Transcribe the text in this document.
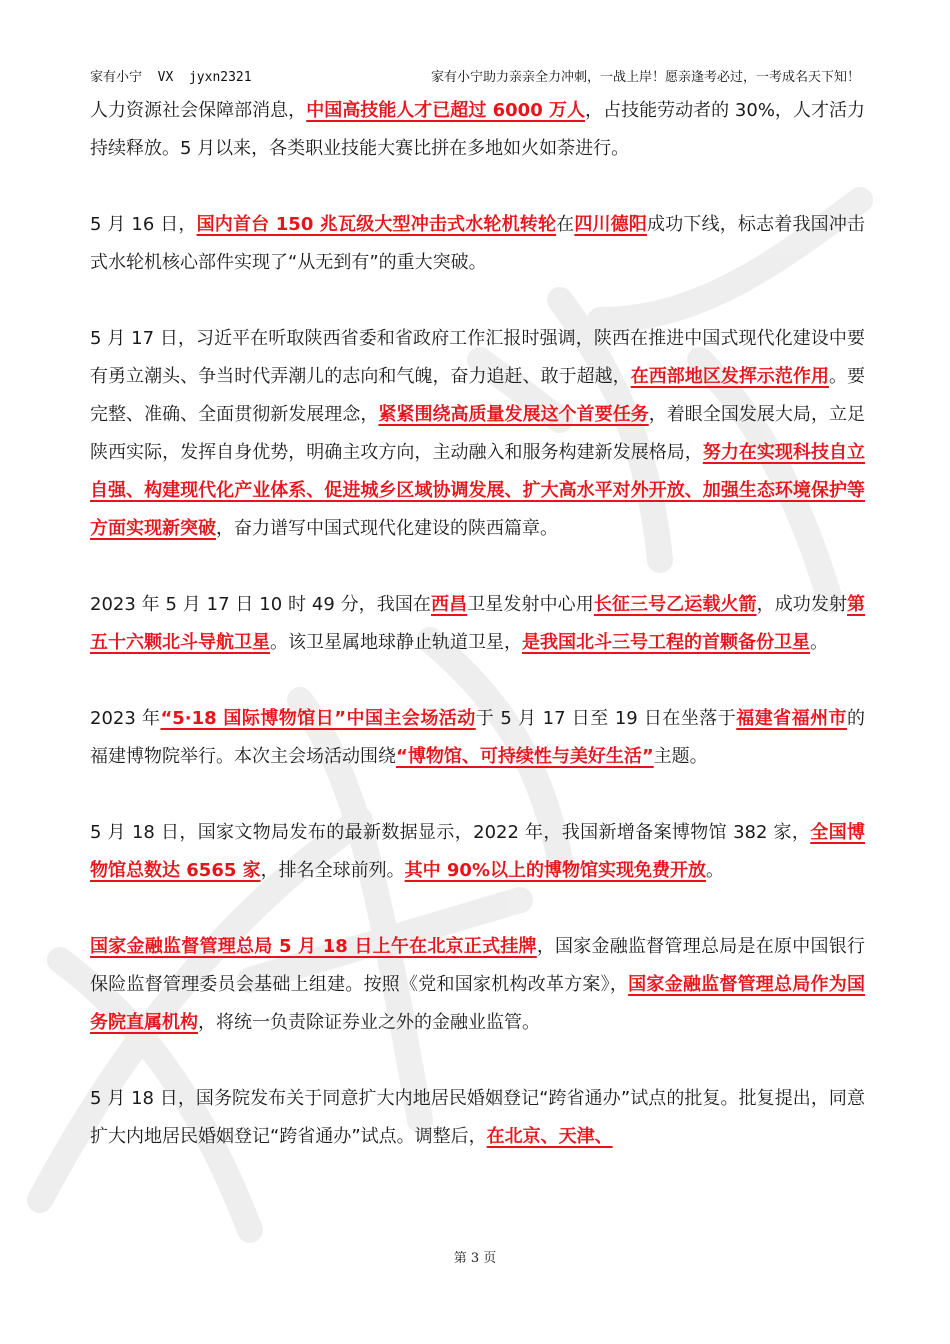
家有小宁  VX  jyxn2321	家有小宁助力亲亲全力冲刺，一战上岸！愿亲逢考必过，一考成名天下知！

人力资源社会保障部消息，中国高技能人才已超过 6000 万人，占技能劳动者的 30%，人才活力持续释放。5 月以来，各类职业技能大赛比拼在多地如火如荼进行。

5 月 16 日，国内首台 150 兆瓦级大型冲击式水轮机转轮在四川德阳成功下线，标志着我国冲击式水轮机核心部件实现了“从无到有”的重大突破。

5 月 17 日，习近平在听取陕西省委和省政府工作汇报时强调，陕西在推进中国式现代化建设中要有勇立潮头、争当时代弄潮儿的志向和气魄，奋力追赶、敢于超越，在西部地区发挥示范作用。要完整、准确、全面贯彻新发展理念，紧紧围绕高质量发展这个首要任务，着眼全国发展大局，立足陕西实际，发挥自身优势，明确主攻方向，主动融入和服务构建新发展格局，努力在实现科技自立自强、构建现代化产业体系、促进城乡区域协调发展、扩大高水平对外开放、加强生态环境保护等方面实现新突破，奋力谱写中国式现代化建设的陕西篇章。

2023 年 5 月 17 日 10 时 49 分，我国在西昌卫星发射中心用长征三号乙运载火箭，成功发射第五十六颗北斗导航卫星。该卫星属地球静止轨道卫星，是我国北斗三号工程的首颗备份卫星。

2023 年“5·18 国际博物馆日”中国主会场活动于 5 月 17 日至 19 日在坐落于福建省福州市的福建博物院举行。本次主会场活动围绕“博物馆、可持续性与美好生活”主题。

5 月 18 日，国家文物局发布的最新数据显示，2022 年，我国新增备案博物馆 382 家，全国博物馆总数达 6565 家，排名全球前列。其中 90%以上的博物馆实现免费开放。

国家金融监督管理总局 5 月 18 日上午在北京正式挂牌，国家金融监督管理总局是在原中国银行保险监督管理委员会基础上组建。按照《党和国家机构改革方案》，国家金融监督管理总局作为国务院直属机构，将统一负责除证券业之外的金融业监管。

5 月 18 日，国务院发布关于同意扩大内地居民婚姻登记“跨省通办”试点的批复。批复提出，同意扩大内地居民婚姻登记“跨省通办”试点。调整后，在北京、天津、

第 3 页
